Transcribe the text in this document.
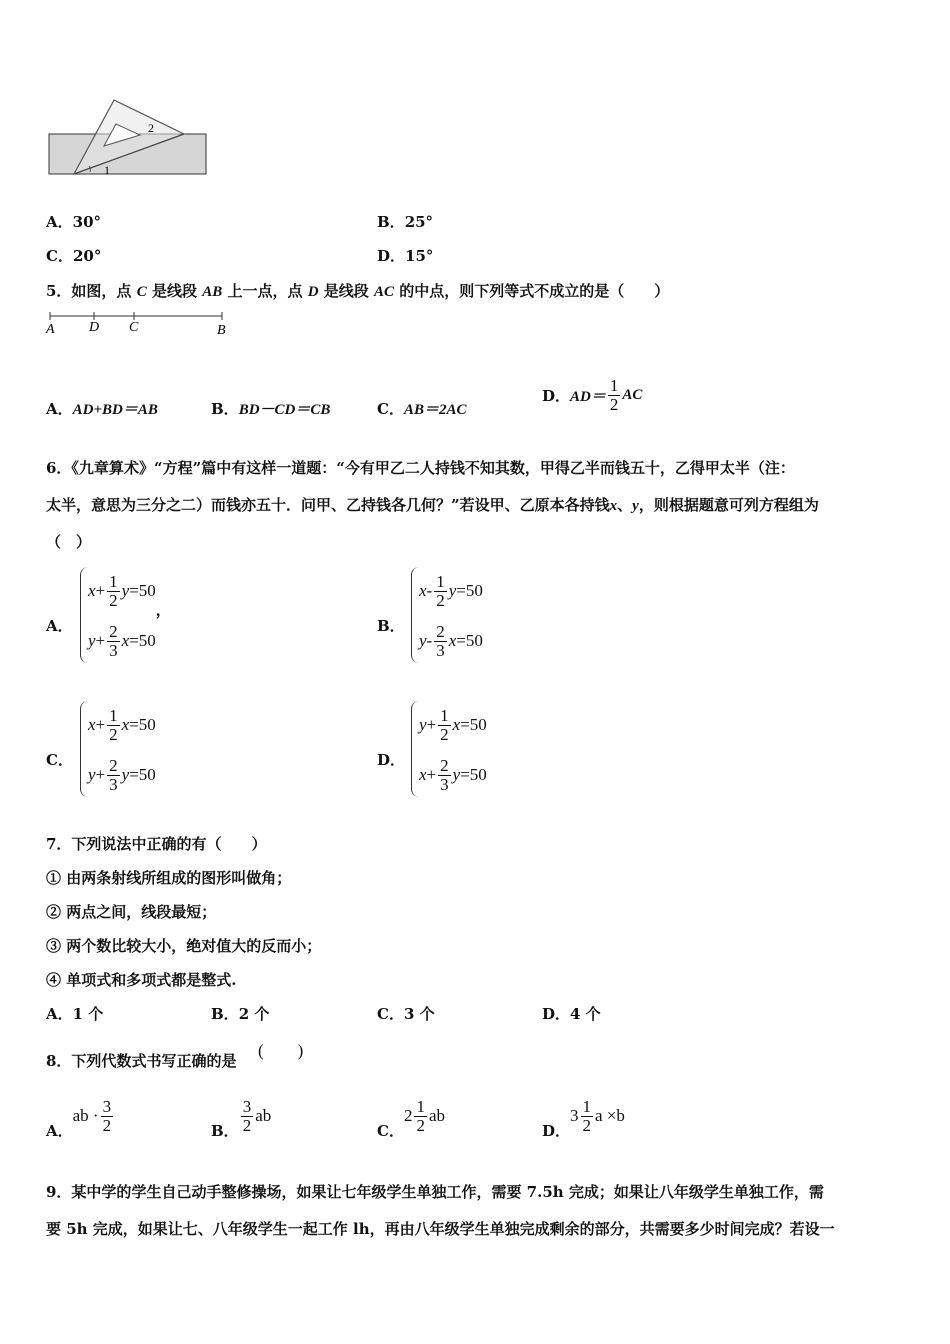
1
2
A．30°	B．25°
C．20°	D．15°
5．如图，点 C 是线段 AB 上一点，点 D 是线段 AC 的中点，则下列等式不成立的是（　　）
A D C	B
A．AD+BD＝AB	B．BD－CD＝CB	C．AB＝2AC
D． $AD= \frac{1}{2}$ AC
6．《九章算术》“方程”篇中有这样一道题：“今有甲乙二人持钱不知其数，甲得乙半而钱五十，乙得甲太半（注：
太半，意思为三分之二）而钱亦五十．问甲、乙持钱各几何？”若设甲、乙原本各持钱x、y，则根据题意可列方程组为
（　）
A．
$x + \frac{1}{2}$ y =50
，
$y + \frac{2}{3}$ x =50
B．
x - $\frac{1}{2}$ y =50
y - $\frac{2}{3}$ x =50
C．
$x + \frac{1}{2}$ x =50
$y + \frac{2}{3}$ y =50
D．
$y + \frac{1}{2}$ x =50
$x + \frac{2}{3}$ y =50
7．下列说法中正确的有（　　）
① 由两条射线所组成的图形叫做角；
② 两点之间，线段最短；
③ 两个数比较大小，绝对值大的反而小；
④ 单项式和多项式都是整式.
A．1 个	B．2 个	C．3 个	D．4 个
8．下列代数式书写正确的是
(　　)
A．
ab · $\frac{3}{2}$	B． $\frac{3}{2}$ ab
C．
$2 \frac{1}{2}$ ab
D．
$3 \frac{1}{2}$ a ×b
9．某中学的学生自己动手整修操场，如果让七年级学生单独工作，需要 7.5h 完成；如果让八年级学生单独工作，需
要 5h 完成，如果让七、八年级学生一起工作 lh，再由八年级学生单独完成剩余的部分，共需要多少时间完成？若设一
